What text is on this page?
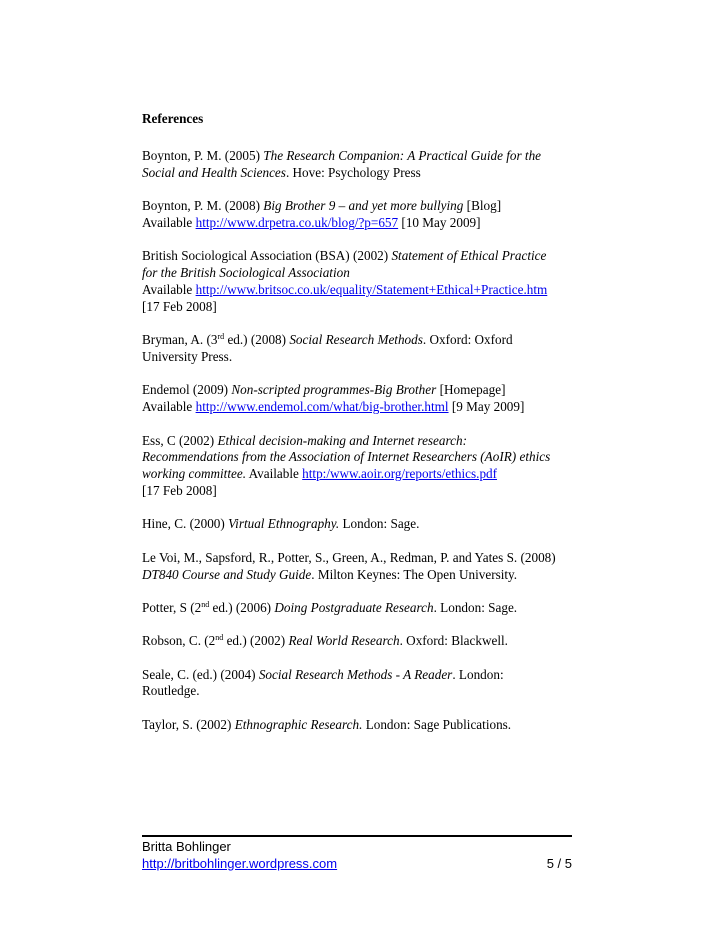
References
Boynton, P. M. (2005) The Research Companion: A Practical Guide for the
Social and Health Sciences. Hove: Psychology Press
Boynton, P. M. (2008) Big Brother 9 – and yet more bullying [Blog]
Available http://www.drpetra.co.uk/blog/?p=657 [10 May 2009]
British Sociological Association (BSA) (2002) Statement of Ethical Practice
for the British Sociological Association
Available http://www.britsoc.co.uk/equality/Statement+Ethical+Practice.htm
[17 Feb 2008]
Bryman, A. (3rd ed.) (2008) Social Research Methods. Oxford: Oxford
University Press.
Endemol (2009) Non-scripted programmes-Big Brother [Homepage]
Available http://www.endemol.com/what/big-brother.html [9 May 2009]
Ess, C (2002) Ethical decision-making and Internet research:
Recommendations from the Association of Internet Researchers (AoIR) ethics
working committee. Available http:/www.aoir.org/reports/ethics.pdf
[17 Feb 2008]
Hine, C. (2000) Virtual Ethnography. London: Sage.
Le Voi, M., Sapsford, R., Potter, S., Green, A., Redman, P. and Yates S. (2008)
DT840 Course and Study Guide. Milton Keynes: The Open University.
Potter, S (2nd ed.) (2006) Doing Postgraduate Research. London: Sage.
Robson, C. (2nd ed.) (2002) Real World Research. Oxford: Blackwell.
Seale, C. (ed.) (2004) Social Research Methods - A Reader. London:
Routledge.
Taylor, S. (2002) Ethnographic Research. London: Sage Publications.
Britta Bohlinger
http://britbohlinger.wordpress.com	5 / 5
